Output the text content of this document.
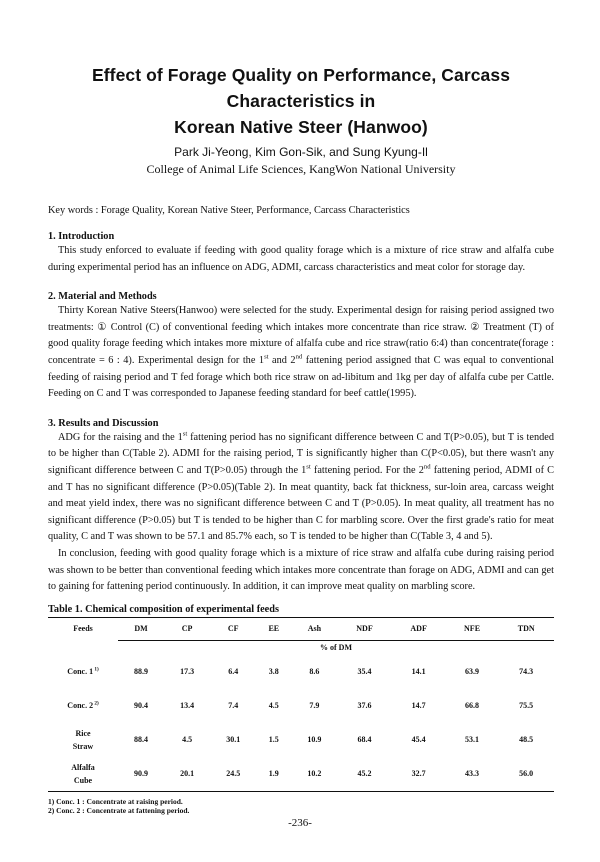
Effect of Forage Quality on Performance, Carcass Characteristics in
Korean Native Steer (Hanwoo)
Park Ji-Yeong, Kim Gon-Sik, and Sung Kyung-Il
College of Animal Life Sciences, KangWon National University
Key words : Forage Quality, Korean Native Steer, Performance, Carcass Characteristics
1. Introduction

This study enforced to evaluate if feeding with good quality forage which is a mixture of rice straw and alfalfa cube during experimental period has an influence on ADG, ADMI, carcass characteristics and meat color for storage day.

2. Material and Methods

Thirty Korean Native Steers(Hanwoo) were selected for the study. Experimental design for raising period assigned two treatments: ① Control (C) of conventional feeding which intakes more concentrate than rice straw. ② Treatment (T) of good quality forage feeding which intakes more mixture of alfalfa cube and rice straw(ratio 6:4) than concentrate(forage : concentrate = 6 : 4). Experimental design for the 1st and 2nd fattening period assigned that C was equal to conventional feeding of raising period and T fed forage which both rice straw on ad-libitum and 1kg per day of alfalfa cube per Cattle. Feeding on C and T was corresponded to Japanese feeding standard for beef cattle(1995).

3. Results and Discussion

ADG for the raising and the 1st fattening period has no significant difference between C and T(P>0.05), but T is tended to be higher than C(Table 2). ADMI for the raising period, T is significantly higher than C(P<0.05), but there wasn't any significant difference between C and T(P>0.05) through the 1st fattening period. For the 2nd fattening period, ADMI of C and T has no significant difference (P>0.05)(Table 2). In meat quantity, back fat thickness, sur-loin area, carcass weight and meat yield index, there was no significant difference between C and T (P>0.05). In meat quality, all treatment has no significant difference (P>0.05) but T is tended to be higher than C for marbling score. Over the first grade's ratio for meat quality, C and T was shown to be 57.1 and 85.7% each, so T is tended to be higher than C(Table 3, 4 and 5).

In conclusion, feeding with good quality forage which is a mixture of rice straw and alfalfa cube during raising period was shown to be better than conventional feeding which intakes more concentrate than forage on ADG, ADMI and can get to gaining for fattening period continuously. In addition, it can improve meat quality on marbling score.

Table 1. Chemical composition of experimental feeds
Feeds	DM	CP	CF	EE	Ash	NDF	ADF	NFE	TDN
	% of DM								
Conc. 1 $^{1)}$	88.9	17.3	6.4	3.8	8.6	35.4	14.1	63.9	74.3
Conc. 2 $^{2)}$	90.4	13.4	7.4	4.5	7.9	37.6	14.7	66.8	75.5
Rice
Straw	88.4	4.5	30.1	1.5	10.9	68.4	45.4	53.1	48.5
Alfalfa
Cube	90.9	20.1	24.5	1.9	10.2	45.2	32.7	43.3	56.0
1) Conc. 1 : Concentrate at raising period.
2) Conc. 2 : Concentrate at fattening period.
-236-
